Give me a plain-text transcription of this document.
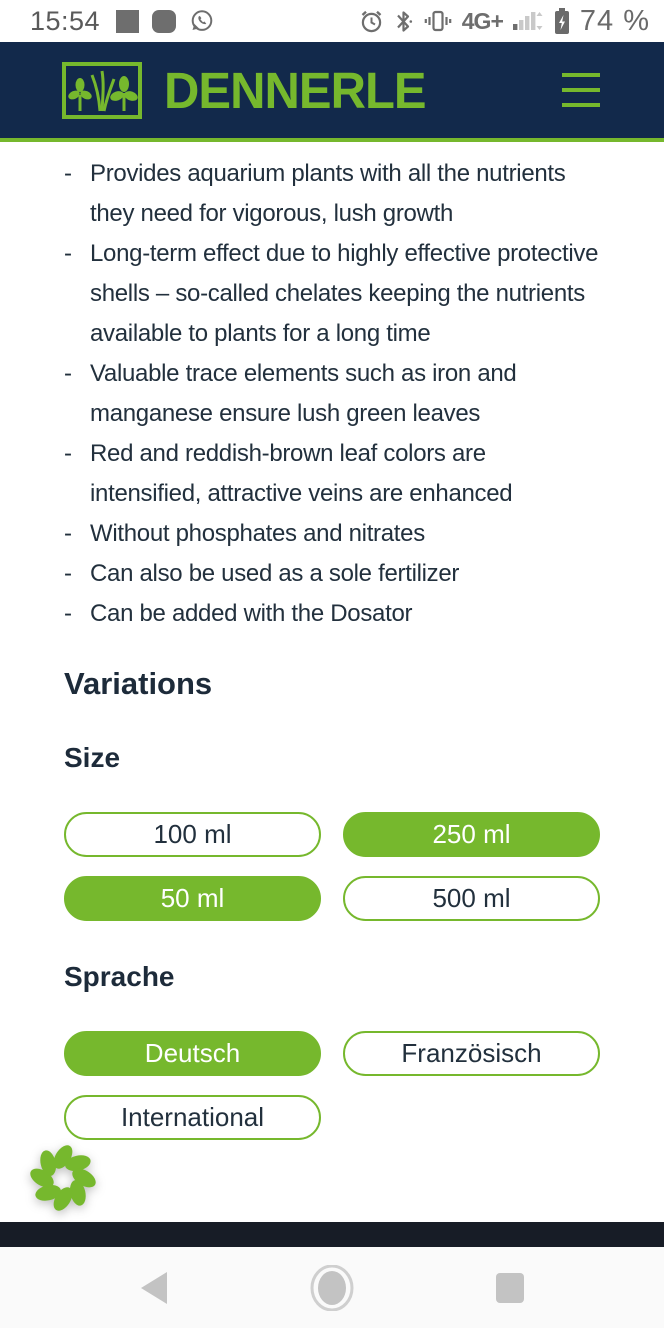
15:54	4G+	74 %
DENNERLE
-
Provides aquarium plants with all the nutrients they need for vigorous, lush growth
-
Long-term effect due to highly effective protective shells – so-called chelates keeping the nutrients available to plants for a long time
-
Valuable trace elements such as iron and manganese ensure lush green leaves
-
Red and reddish-brown leaf colors are intensified, attractive veins are enhanced
-
Without phosphates and nitrates
-
Can also be used as a sole fertilizer
-
Can be added with the Dosator
Variations
Size
100 ml	250 ml
50 ml	500 ml
Sprache
Deutsch	Französisch
International
